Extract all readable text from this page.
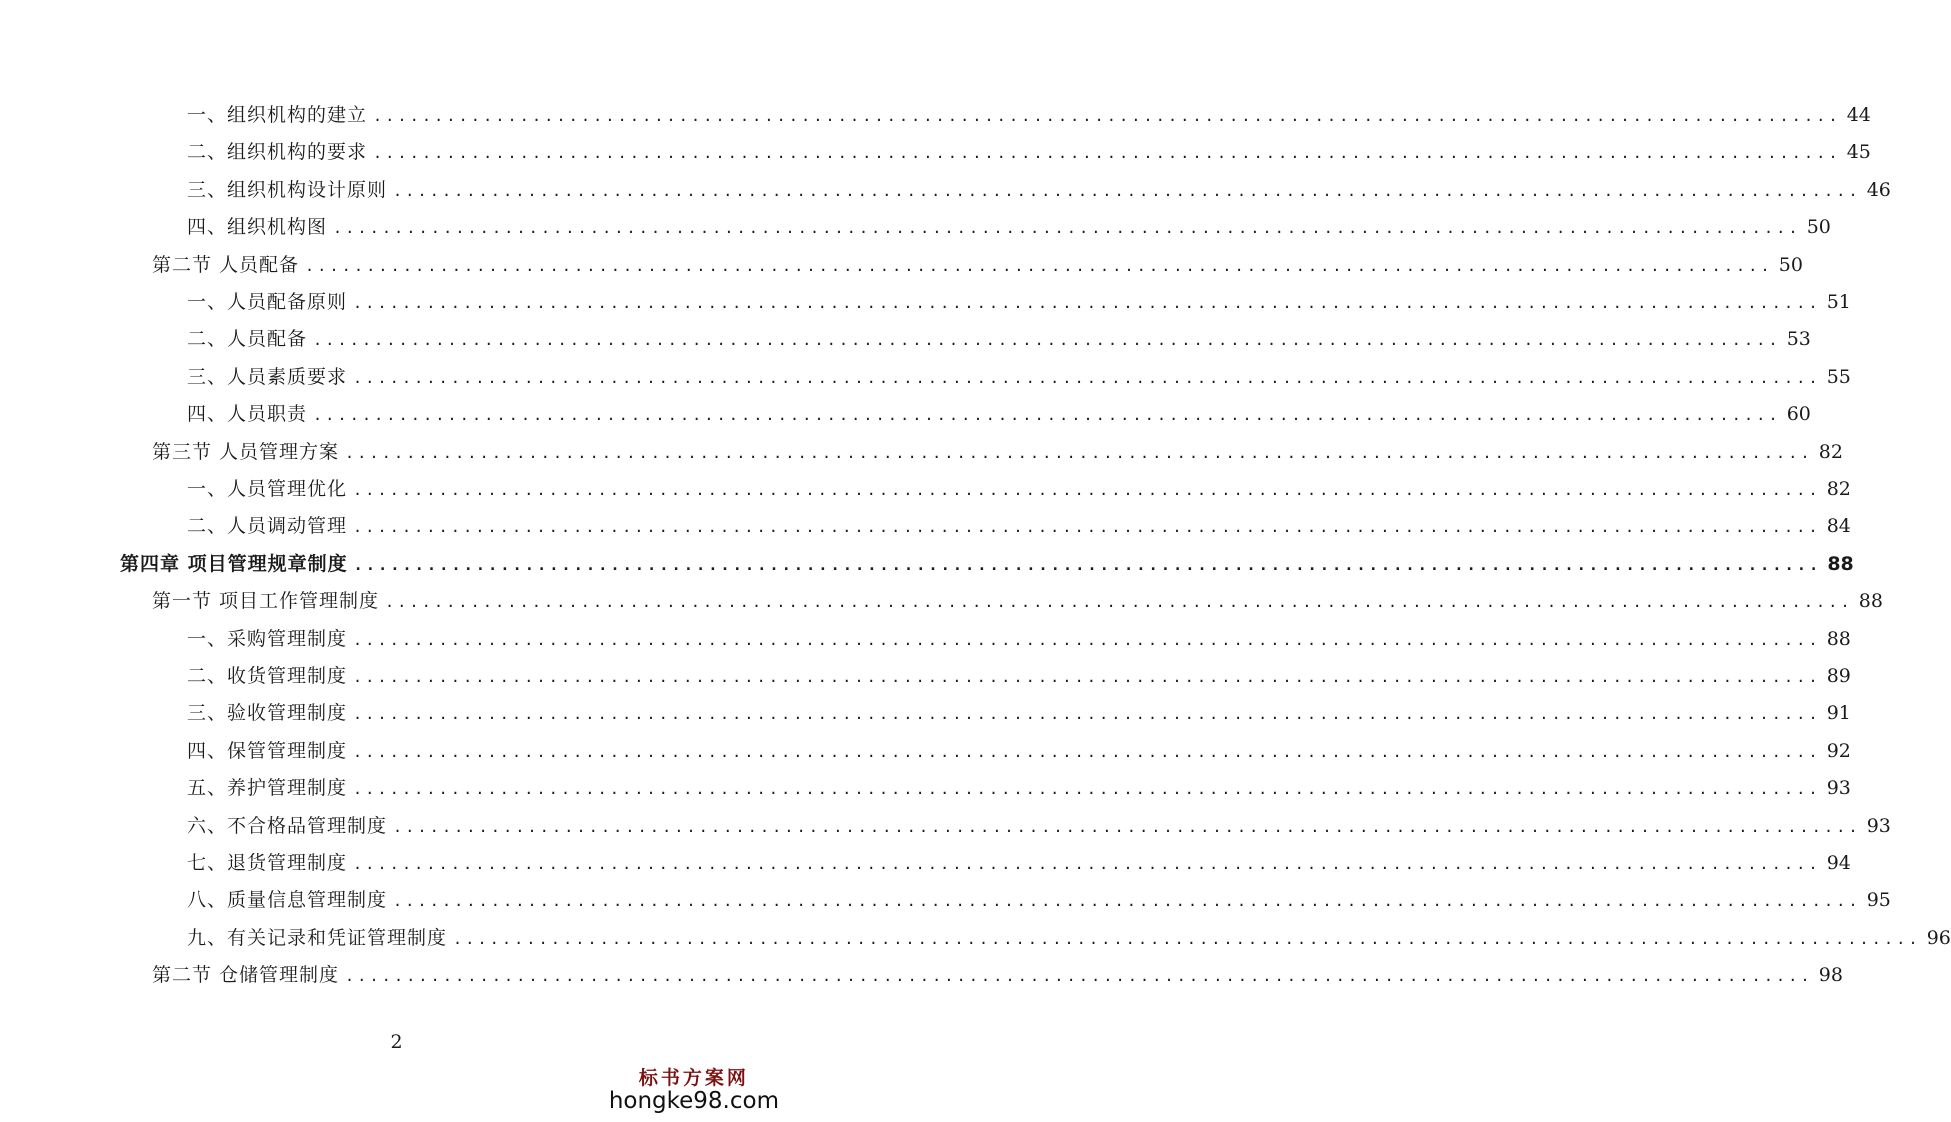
一、组织机构的建立 ........................................................................................................................ 44
二、组织机构的要求 ........................................................................................................................ 45
三、组织机构设计原则 ........................................................................................................................ 46
四、组织机构图 ........................................................................................................................ 50
第二节 人员配备 ........................................................................................................................ 50
一、人员配备原则 ........................................................................................................................ 51
二、人员配备 ........................................................................................................................ 53
三、人员素质要求 ........................................................................................................................ 55
四、人员职责 ........................................................................................................................ 60
第三节 人员管理方案 ........................................................................................................................ 82
一、人员管理优化 ........................................................................................................................ 82
二、人员调动管理 ........................................................................................................................ 84
第四章 项目管理规章制度 ........................................................................................................................ 88
第一节 项目工作管理制度 ........................................................................................................................ 88
一、采购管理制度 ........................................................................................................................ 88
二、收货管理制度 ........................................................................................................................ 89
三、验收管理制度 ........................................................................................................................ 91
四、保管管理制度 ........................................................................................................................ 92
五、养护管理制度 ........................................................................................................................ 93
六、不合格品管理制度 ........................................................................................................................ 93
七、退货管理制度 ........................................................................................................................ 94
八、质量信息管理制度 ........................................................................................................................ 95
九、有关记录和凭证管理制度 ........................................................................................................................ 96
第二节 仓储管理制度 ........................................................................................................................ 98
2
标书方案网
hongke98.com
